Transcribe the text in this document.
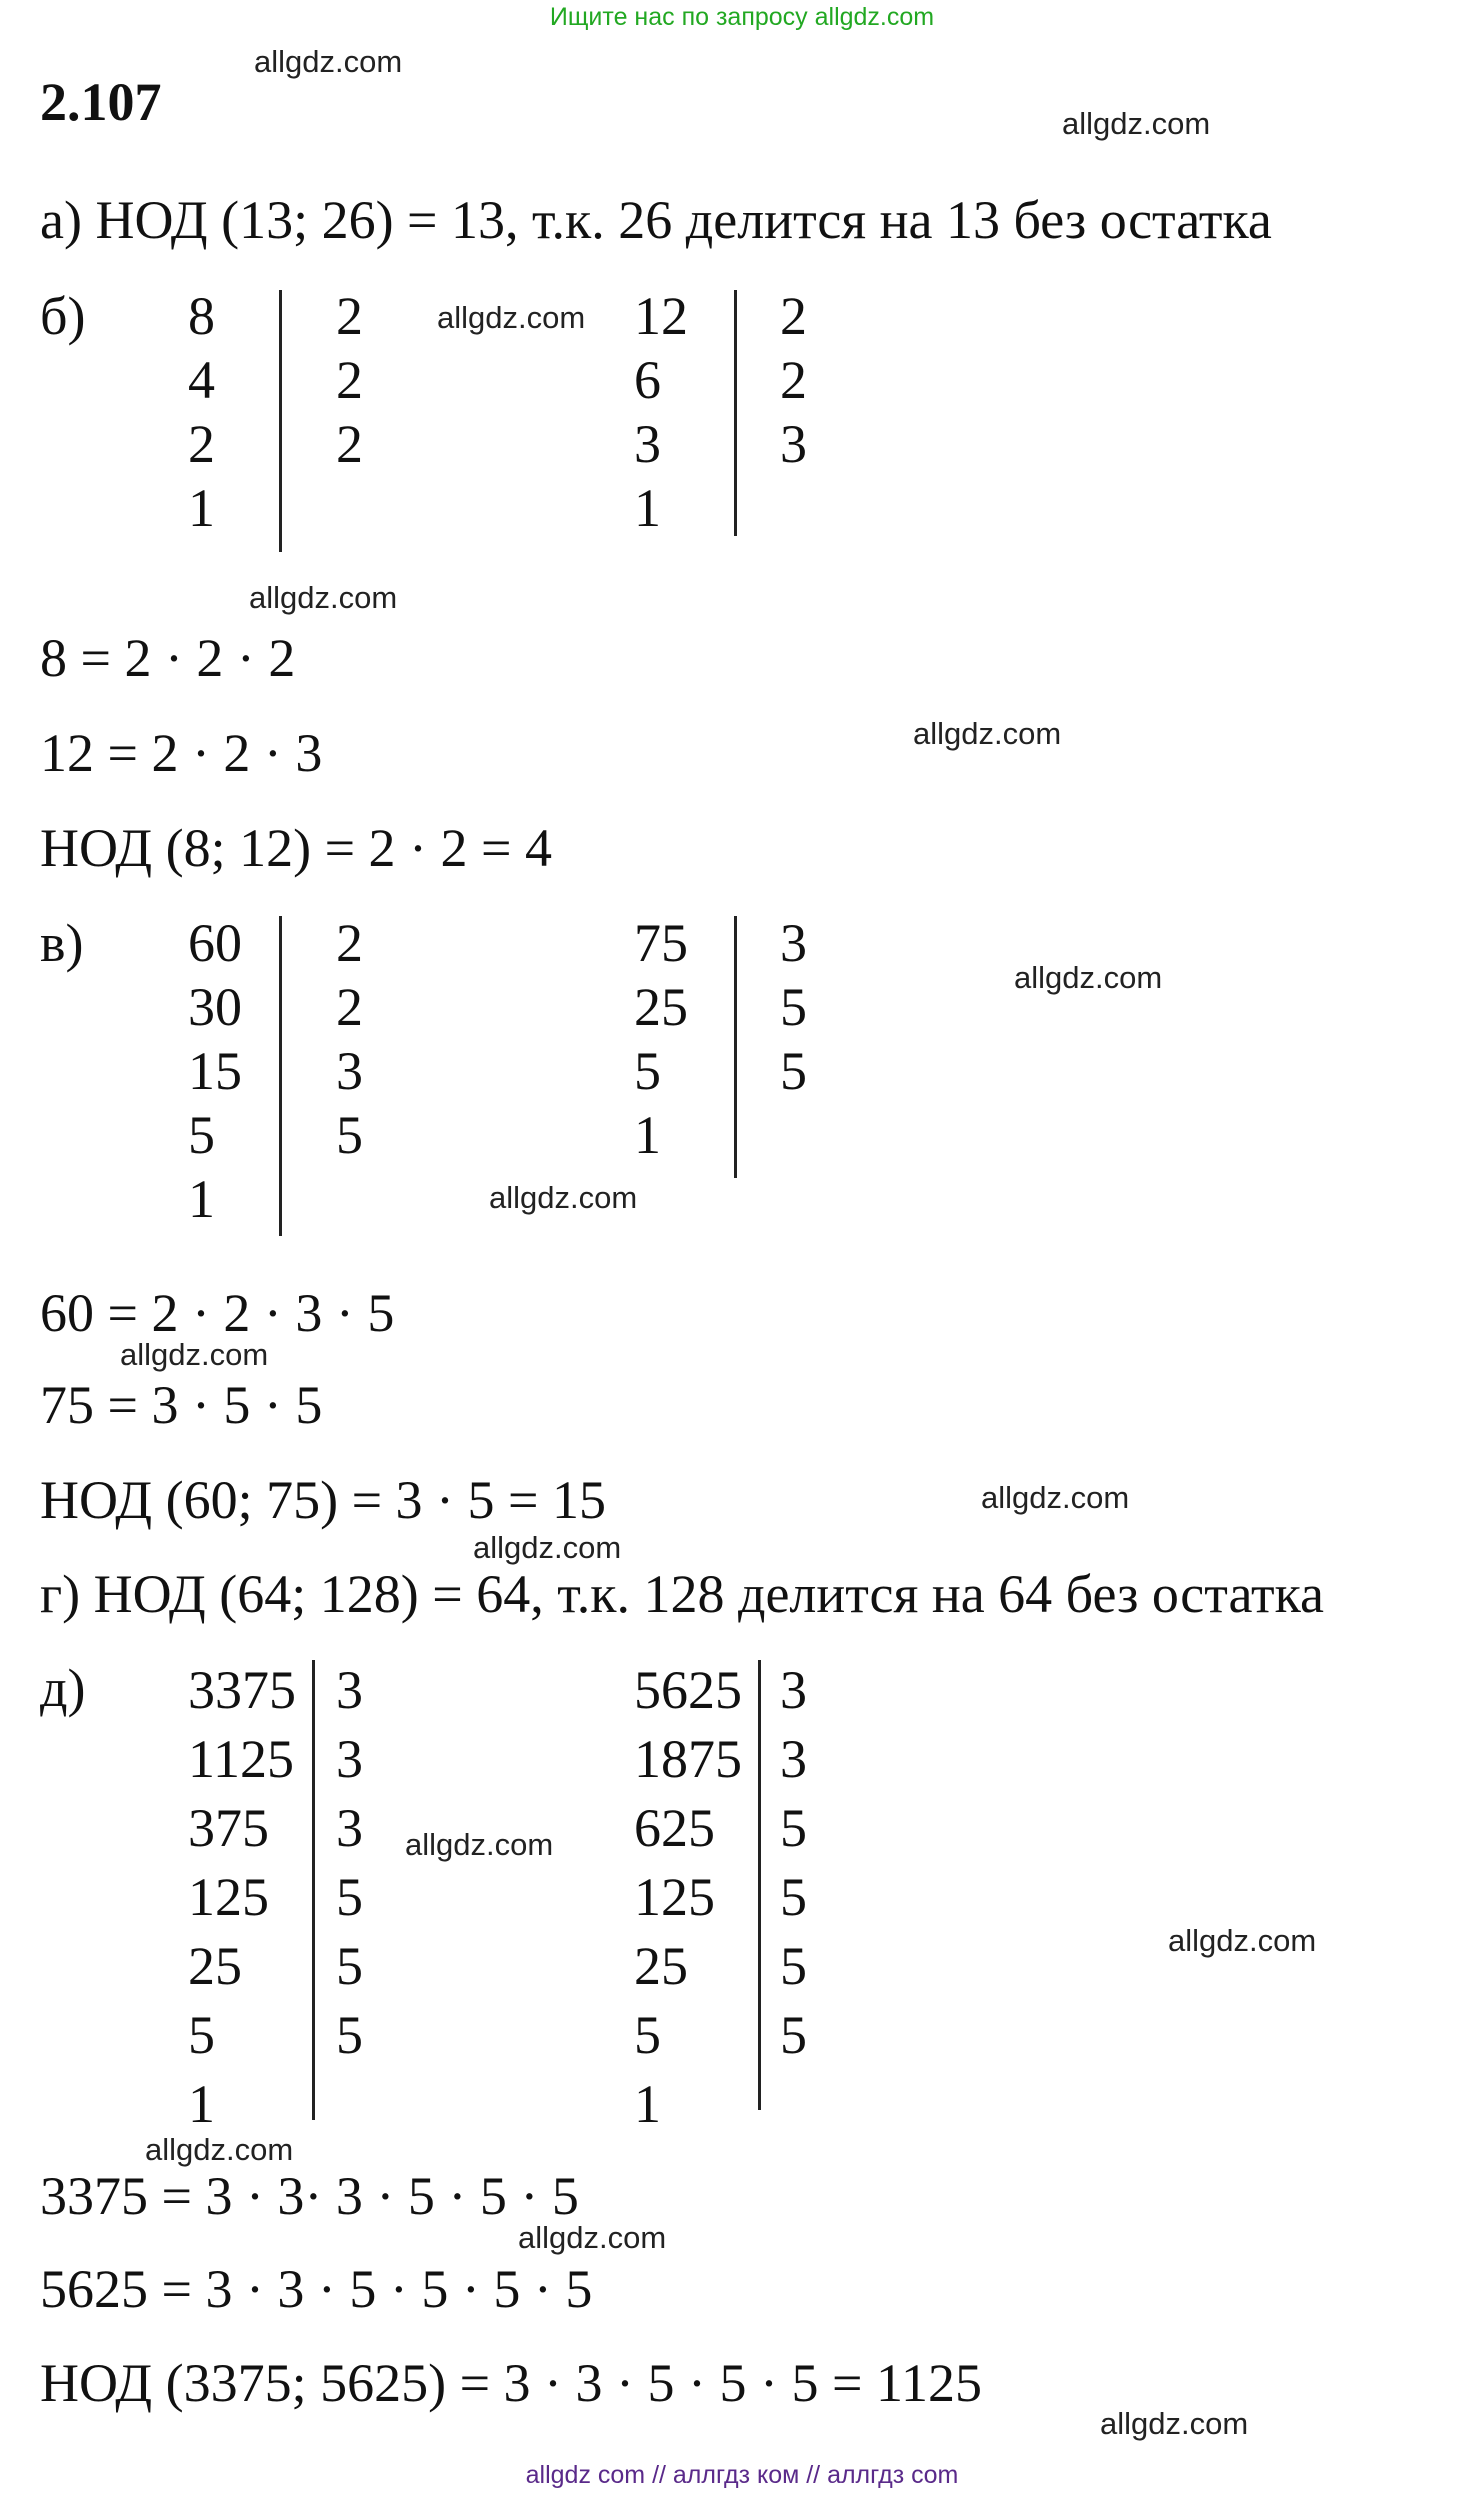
Ищите нас по запросу allgdz.com
2.107
allgdz.com
allgdz.com
allgdz.com
allgdz.com
allgdz.com
allgdz.com
allgdz.com
allgdz.com
allgdz.com
allgdz.com
allgdz.com
allgdz.com
allgdz.com
allgdz.com
allgdz.com
а) НОД (13; 26) = 13, т.к. 26 делится на 13 без остатка
б) 8
4
2
1
2
2
2
12
6
3
1
2
2
3
8 = 2 · 2 · 2
12 = 2 · 2 · 3
НОД (8; 12) = 2 · 2 = 4
в) 60
30
15
5
1
2
2
3
5
75
25
5
1
3
5
5
60 = 2 · 2 · 3 · 5
75 = 3 · 5 · 5
НОД (60; 75) = 3 · 5 = 15
г) НОД (64; 128) = 64, т.к. 128 делится на 64 без остатка
д) 3375
1125
375
125
25
5
1
3
3
3
5
5
5
5625
1875
625
125
25
5
1
3
3
5
5
5
5
3375 = 3 · 3· 3 · 5 · 5 · 5
5625 = 3 · 3 · 5 · 5 · 5 · 5
НОД (3375; 5625) = 3 · 3 · 5 · 5 · 5 = 1125
allgdz com // аллгдз ком // аллгдз com
